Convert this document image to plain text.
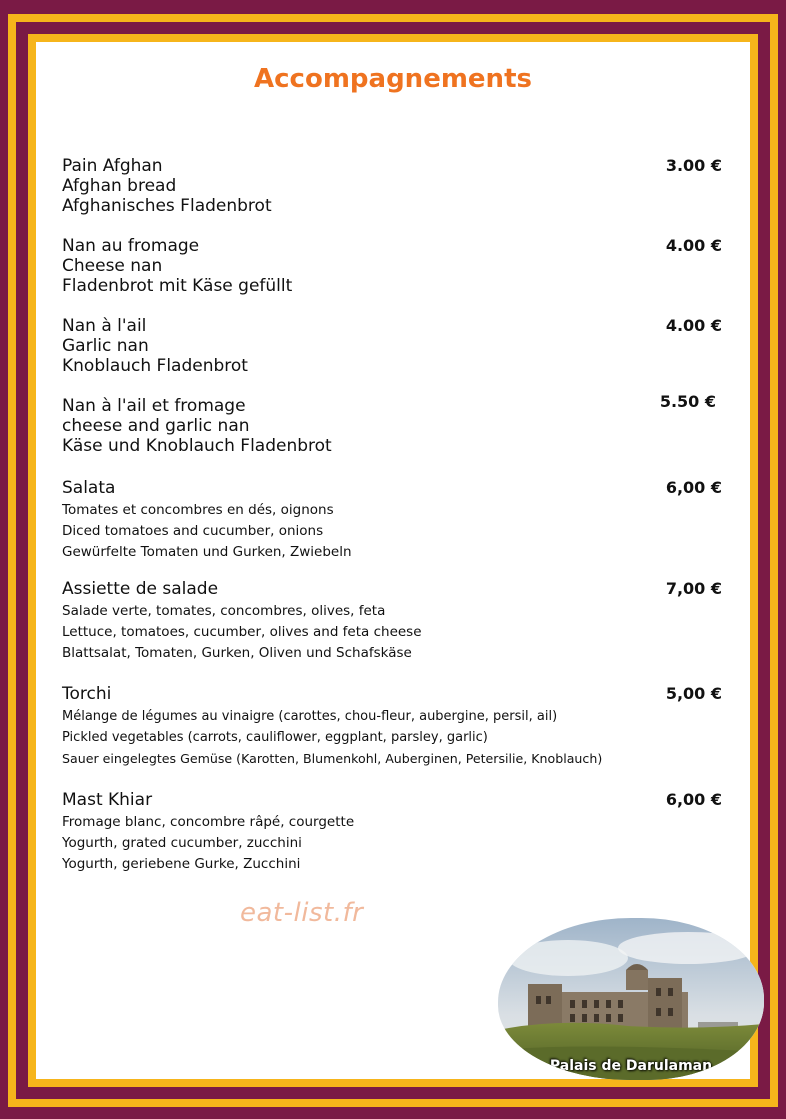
Accompagnements
Pain Afghan
Afghan bread
Afghanisches Fladenbrot
3.00 €
Nan au fromage
Cheese nan
Fladenbrot mit Käse gefüllt
4.00 €
Nan à l'ail
Garlic nan
Knoblauch Fladenbrot
4.00 €
Nan à l'ail et fromage
cheese and garlic nan
Käse und Knoblauch Fladenbrot
5.50 €
Salata
Tomates et concombres en dés, oignons
Diced tomatoes and cucumber, onions
Gewürfelte Tomaten und Gurken, Zwiebeln
6,00 €
Assiette de salade
Salade verte, tomates, concombres, olives, feta
Lettuce, tomatoes, cucumber, olives and feta cheese
Blattsalat, Tomaten, Gurken, Oliven und Schafskäse
7,00 €
Torchi
Mélange de légumes au vinaigre (carottes, chou-fleur, aubergine, persil, ail)
Pickled vegetables (carrots, cauliflower, eggplant, parsley, garlic)
Sauer eingelegtes Gemüse (Karotten, Blumenkohl, Auberginen, Petersilie, Knoblauch)
5,00 €
Mast Khiar
Fromage blanc, concombre râpé, courgette
Yogurth, grated cucumber, zucchini
Yogurth, geriebene Gurke, Zucchini
6,00 €
eat-list.fr
Palais de Darulaman
